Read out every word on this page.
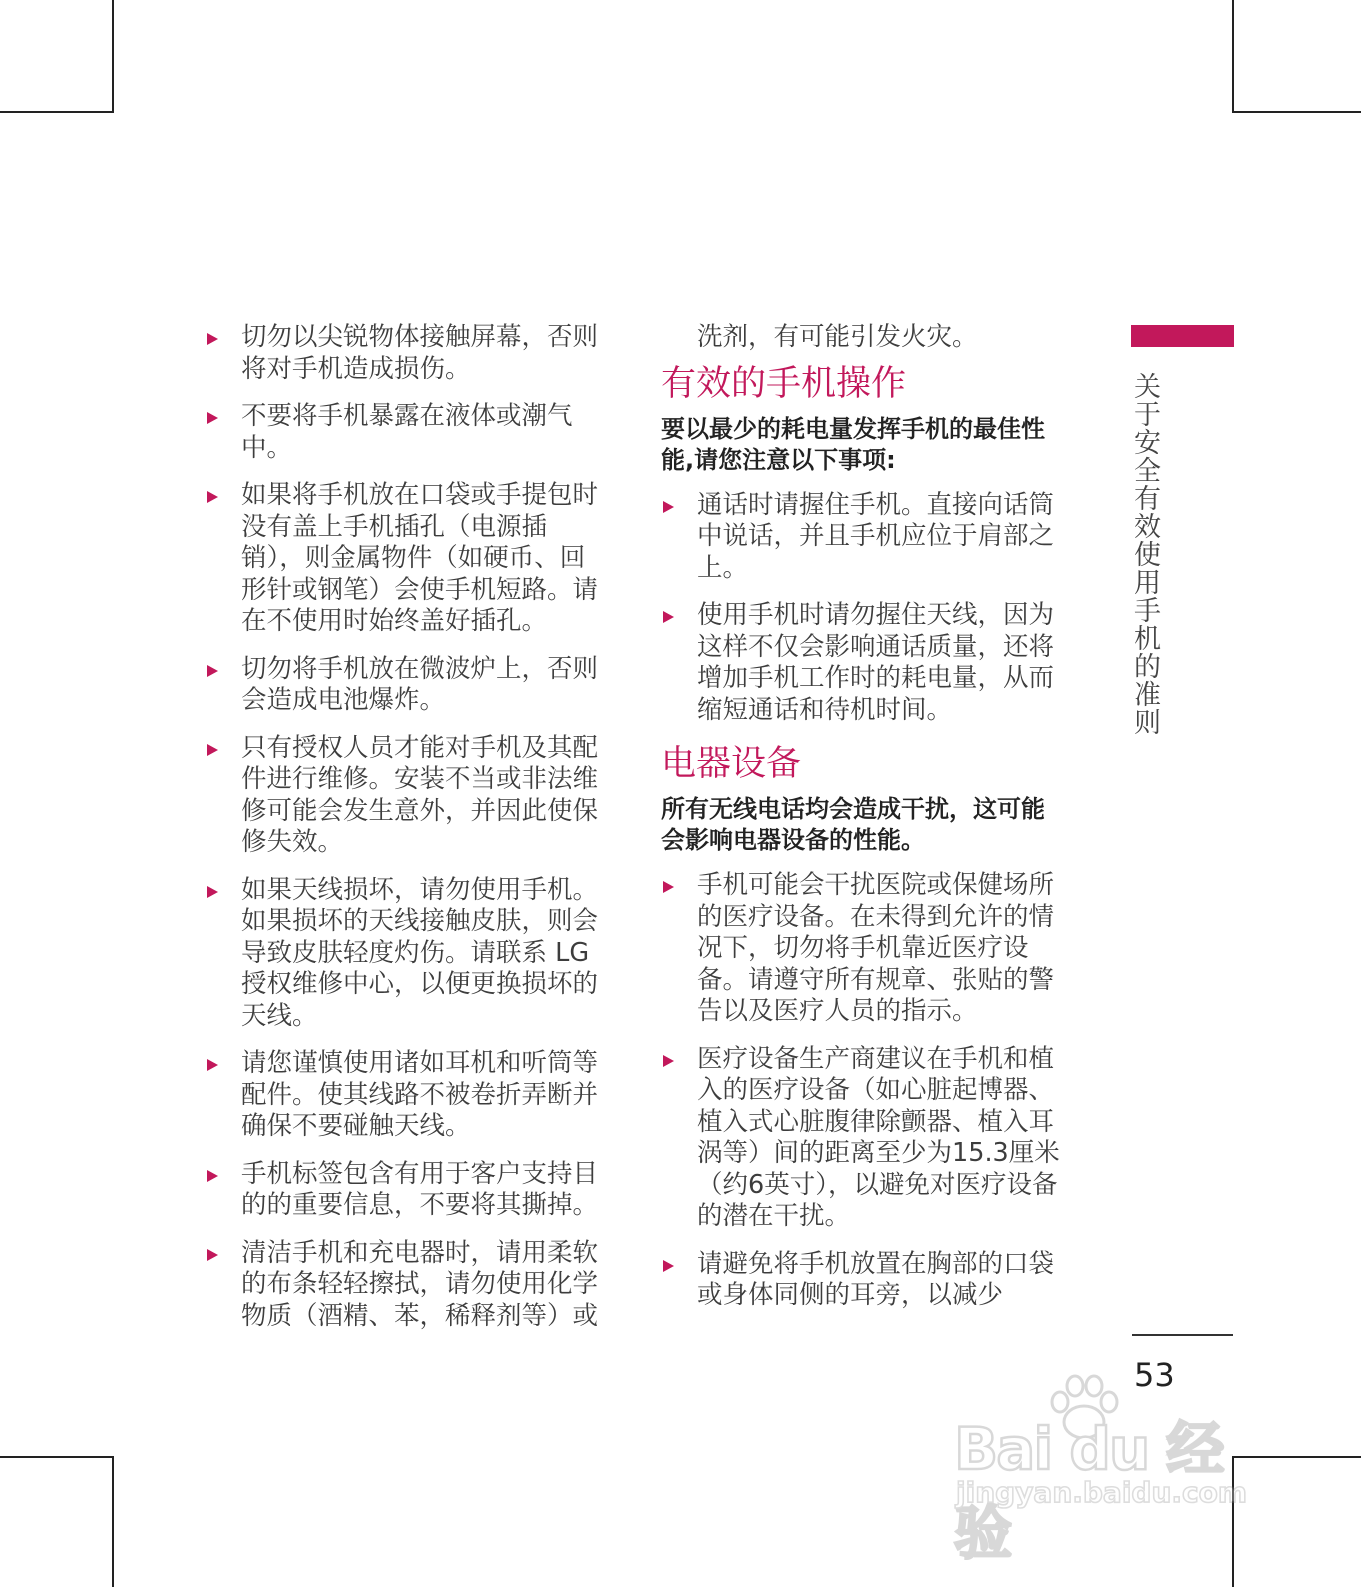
切勿以尖锐物体接触屏幕，否则将对手机造成损伤。
不要将手机暴露在液体或潮气中。
如果将手机放在口袋或手提包时没有盖上手机插孔（电源插销），则金属物件（如硬币、回形针或钢笔）会使手机短路。请在不使用时始终盖好插孔。
切勿将手机放在微波炉上，否则会造成电池爆炸。
只有授权人员才能对手机及其配件进行维修。安装不当或非法维修可能会发生意外，并因此使保修失效。
如果天线损坏，请勿使用手机。如果损坏的天线接触皮肤，则会导致皮肤轻度灼伤。请联系 LG 授权维修中心，以便更换损坏的天线。
请您谨慎使用诸如耳机和听筒等配件。使其线路不被卷折弄断并确保不要碰触天线。
手机标签包含有用于客户支持目的的重要信息，不要将其撕掉。
清洁手机和充电器时，请用柔软的布条轻轻擦拭，请勿使用化学物质（酒精、苯，稀释剂等）或

洗剂，有可能引发火灾。

有效的手机操作

要以最少的耗电量发挥手机的最佳性能,请您注意以下事项:

通话时请握住手机。直接向话筒中说话，并且手机应位于肩部之上。
使用手机时请勿握住天线，因为这样不仅会影响通话质量，还将增加手机工作时的耗电量，从而缩短通话和待机时间。
电器设备

所有无线电话均会造成干扰，这可能会影响电器设备的性能。

手机可能会干扰医院或保健场所的医疗设备。在未得到允许的情况下，切勿将手机靠近医疗设备。请遵守所有规章、张贴的警告以及医疗人员的指示。
医疗设备生产商建议在手机和植入的医疗设备（如心脏起博器、植入式心脏腹律除颤器、植入耳涡等）间的距离至少为15.3厘米（约6英寸），以避免对医疗设备的潜在干扰。
请避免将手机放置在胸部的口袋或身体同侧的耳旁，以减少
关于安全有效使用手机的准则
53
Bai du 经验
jingyan.baidu.com
